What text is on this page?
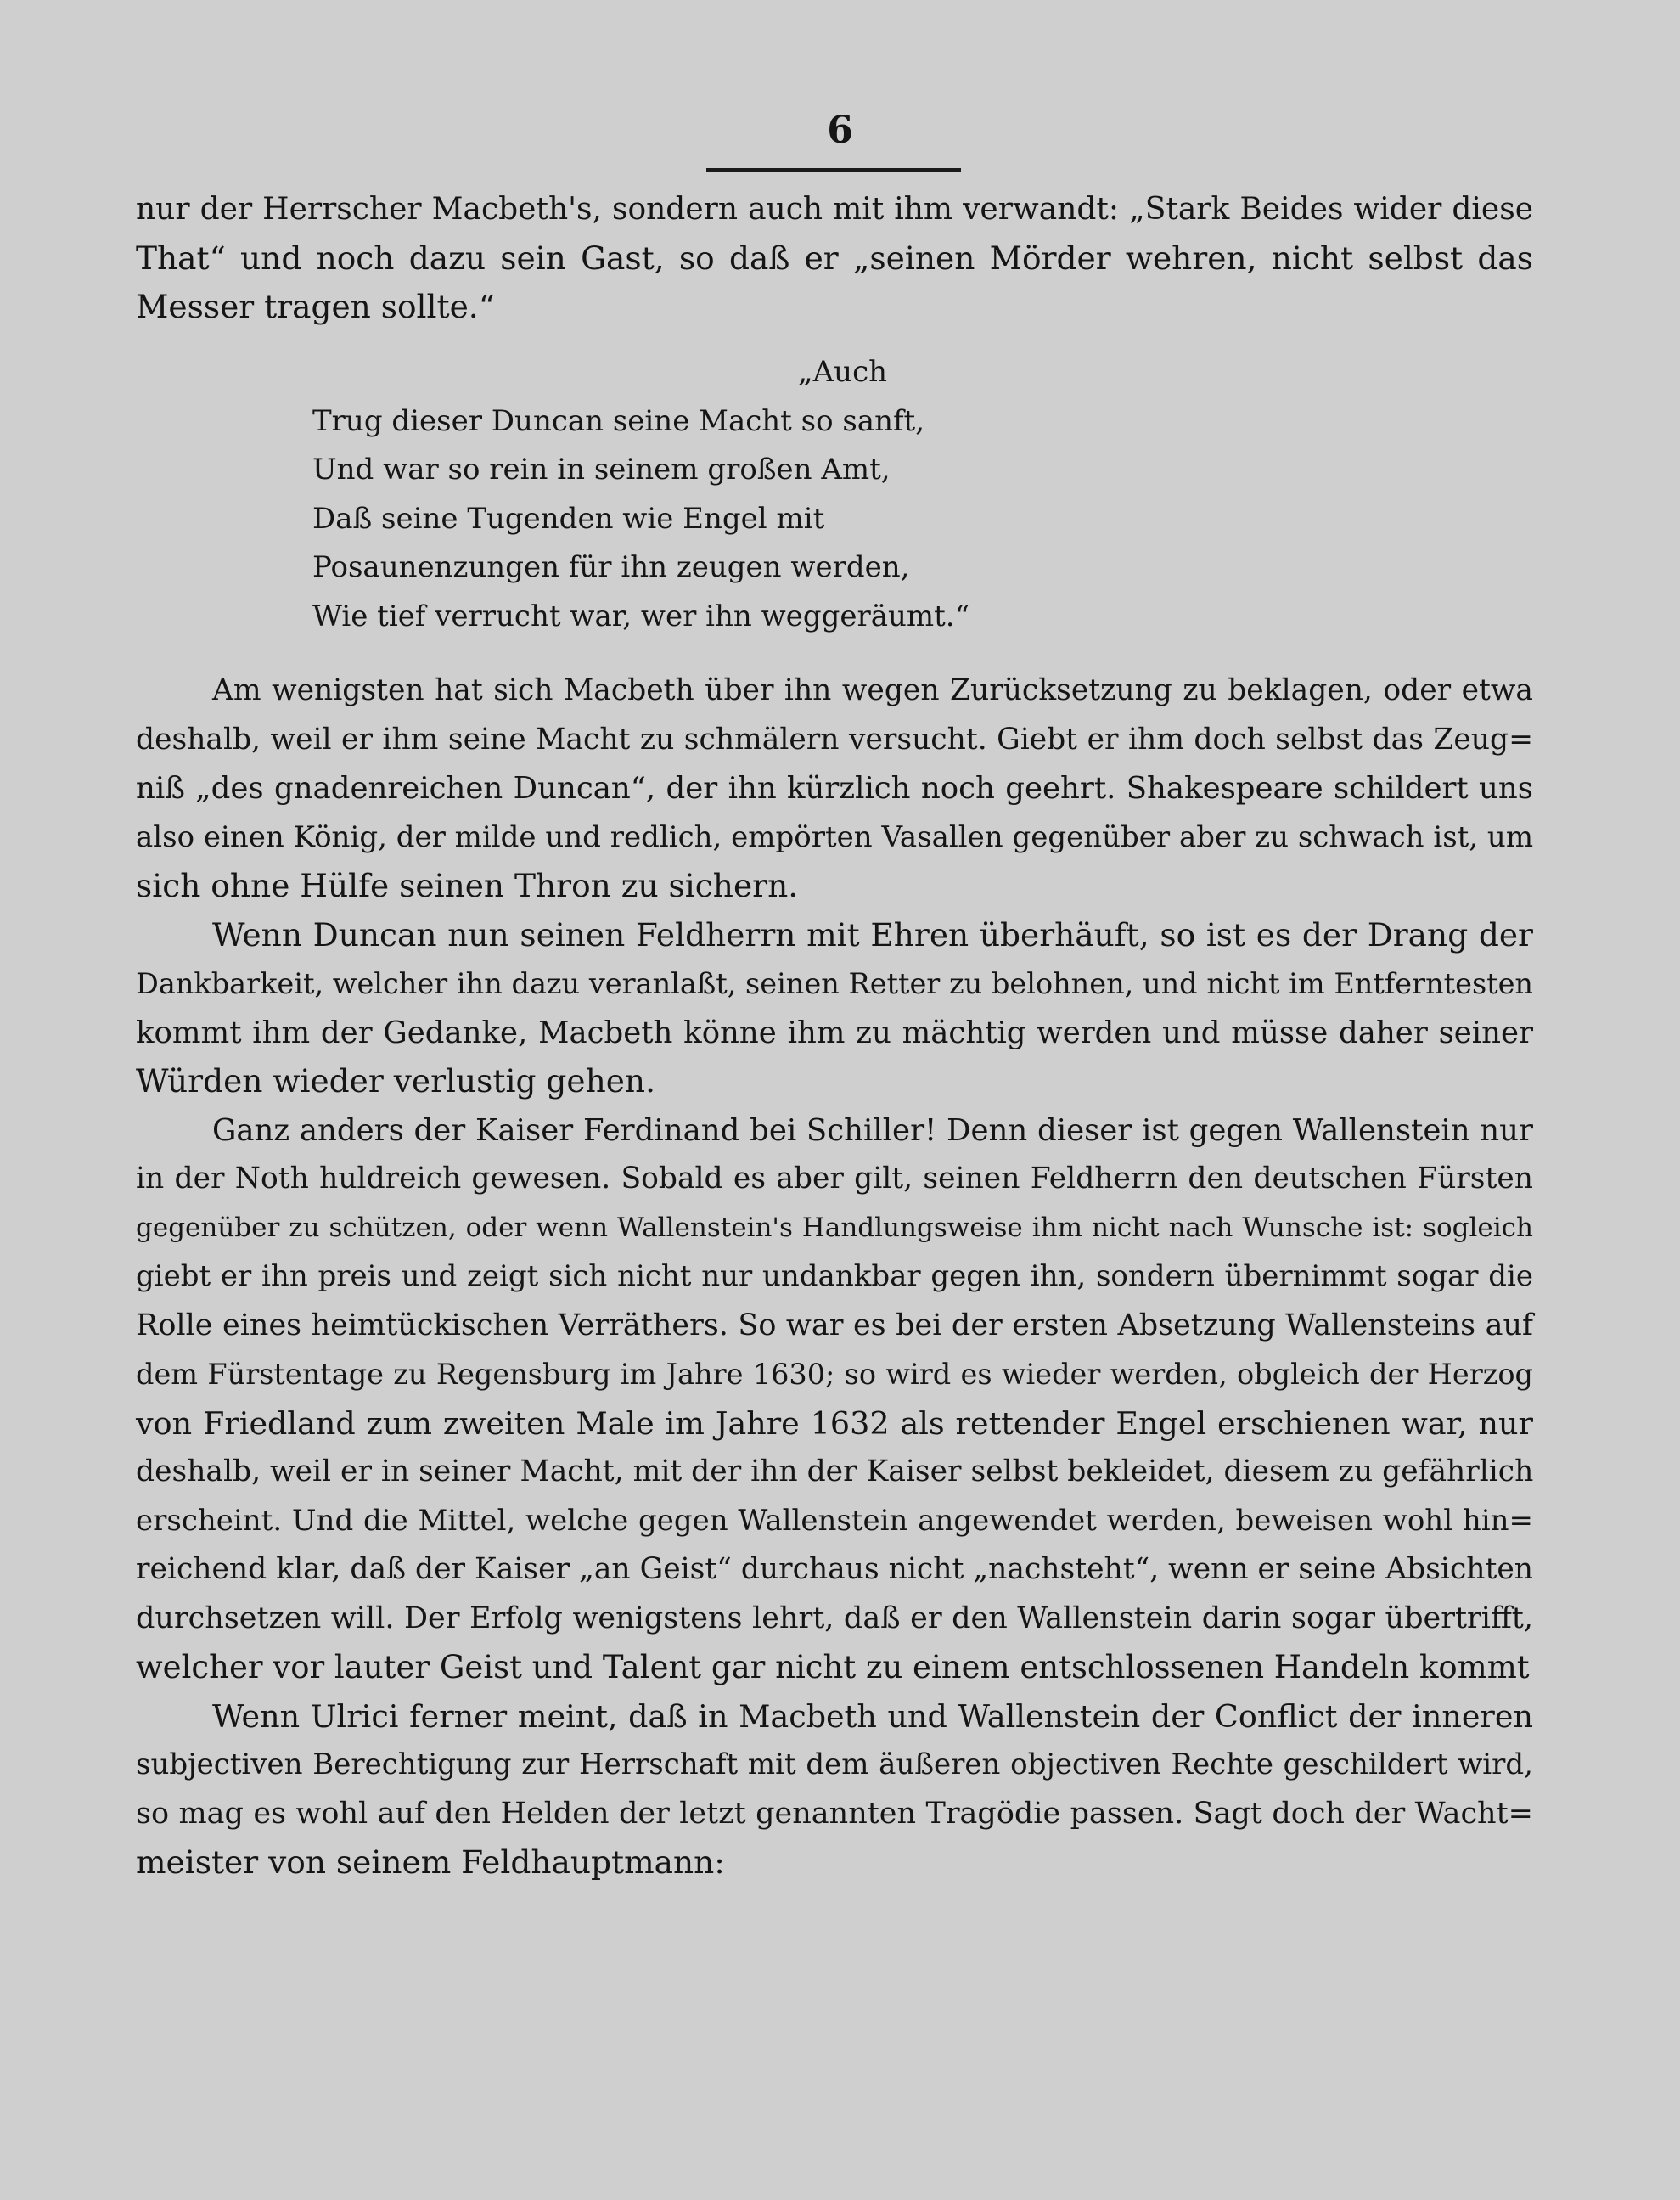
6
nur der Herrscher Macbeth's, sondern auch mit ihm verwandt: „Stark Beides wider diese
That“ und noch dazu sein Gast, so daß er „seinen Mörder wehren, nicht selbst das
Messer tragen sollte.“
„Auch
Trug dieser Duncan seine Macht so sanft,
Und war so rein in seinem großen Amt,
Daß seine Tugenden wie Engel mit
Posaunenzungen für ihn zeugen werden,
Wie tief verrucht war, wer ihn weggeräumt.“
Am wenigsten hat sich Macbeth über ihn wegen Zurücksetzung zu beklagen, oder etwa
deshalb, weil er ihm seine Macht zu schmälern versucht. Giebt er ihm doch selbst das Zeug=
niß „des gnadenreichen Duncan“, der ihn kürzlich noch geehrt. Shakespeare schildert uns
also einen König, der milde und redlich, empörten Vasallen gegenüber aber zu schwach ist, um
sich ohne Hülfe seinen Thron zu sichern.
Wenn Duncan nun seinen Feldherrn mit Ehren überhäuft, so ist es der Drang der
Dankbarkeit, welcher ihn dazu veranlaßt, seinen Retter zu belohnen, und nicht im Entferntesten
kommt ihm der Gedanke, Macbeth könne ihm zu mächtig werden und müsse daher seiner
Würden wieder verlustig gehen.
Ganz anders der Kaiser Ferdinand bei Schiller! Denn dieser ist gegen Wallenstein nur
in der Noth huldreich gewesen. Sobald es aber gilt, seinen Feldherrn den deutschen Fürsten
gegenüber zu schützen, oder wenn Wallenstein's Handlungsweise ihm nicht nach Wunsche ist: sogleich
giebt er ihn preis und zeigt sich nicht nur undankbar gegen ihn, sondern übernimmt sogar die
Rolle eines heimtückischen Verräthers. So war es bei der ersten Absetzung Wallensteins auf
dem Fürstentage zu Regensburg im Jahre 1630; so wird es wieder werden, obgleich der Herzog
von Friedland zum zweiten Male im Jahre 1632 als rettender Engel erschienen war, nur
deshalb, weil er in seiner Macht, mit der ihn der Kaiser selbst bekleidet, diesem zu gefährlich
erscheint. Und die Mittel, welche gegen Wallenstein angewendet werden, beweisen wohl hin=
reichend klar, daß der Kaiser „an Geist“ durchaus nicht „nachsteht“, wenn er seine Absichten
durchsetzen will. Der Erfolg wenigstens lehrt, daß er den Wallenstein darin sogar übertrifft,
welcher vor lauter Geist und Talent gar nicht zu einem entschlossenen Handeln kommt
Wenn Ulrici ferner meint, daß in Macbeth und Wallenstein der Conflict der inneren
subjectiven Berechtigung zur Herrschaft mit dem äußeren objectiven Rechte geschildert wird,
so mag es wohl auf den Helden der letzt genannten Tragödie passen. Sagt doch der Wacht=
meister von seinem Feldhauptmann:
